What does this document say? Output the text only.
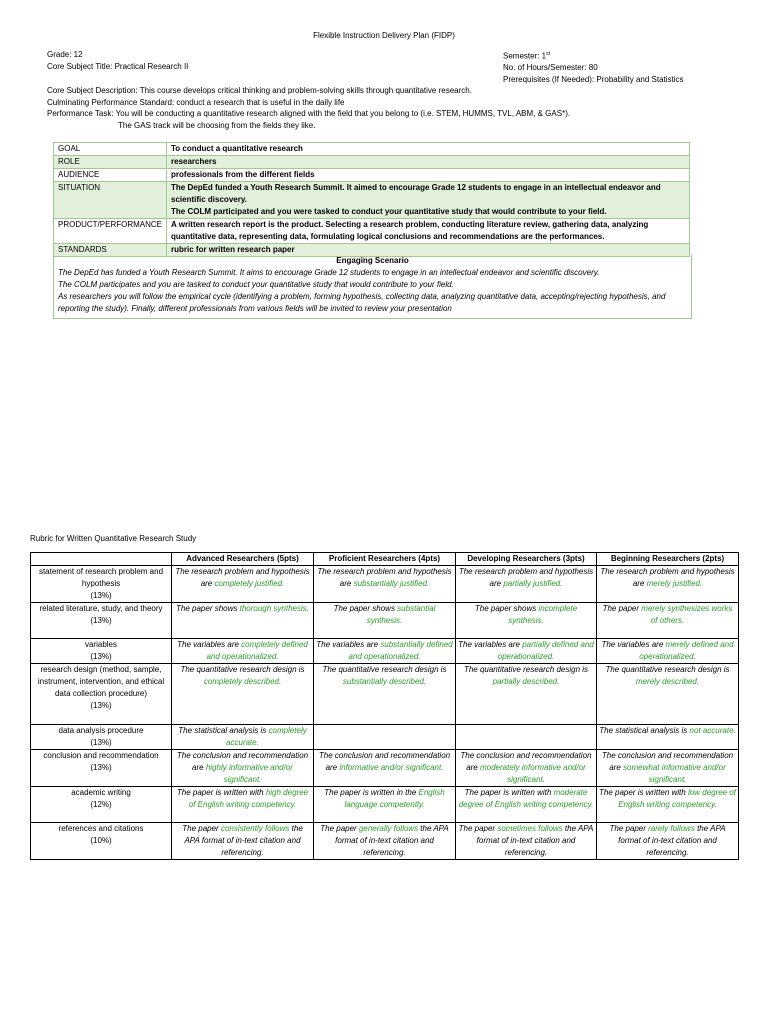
Flexible Instruction Delivery Plan (FIDP)
Grade: 12
Core Subject Title: Practical Research II
Semester: 1st
No. of Hours/Semester: 80
Prerequisites (If Needed): Probability and Statistics
Core Subject Description: This course develops critical thinking and problem-solving skills through quantitative research.
Culminating Performance Standard: conduct a research that is useful in the daily life
Performance Task: You will be conducting a quantitative research aligned with the field that you belong to (i.e. STEM, HUMMS, TVL, ABM, & GAS*).
The GAS track will be choosing from the fields they like.
GOAL	To conduct a quantitative research
ROLE	researchers
AUDIENCE	professionals from the different fields
SITUATION	The DepEd funded a Youth Research Summit. It aimed to encourage Grade 12 students to engage in an intellectual endeavor and scientific discovery.
The COLM participated and you were tasked to conduct your quantitative study that would contribute to your field.

PRODUCT/PERFORMANCE	A written research report is the product. Selecting a research problem, conducting literature review, gathering data, analyzing quantitative data, representing data, formulating logical conclusions and recommendations are the performances.
STANDARDS	rubric for written research paper
Engaging Scenario
The DepEd has funded a Youth Research Summit. It aims to encourage Grade 12 students to engage in an intellectual endeavor and scientific discovery.
The COLM participates and you are tasked to conduct your quantitative study that would contribute to your field.
As researchers you will follow the empirical cycle (identifying a problem, forming hypothesis, collecting data, analyzing quantitative data, accepting/rejecting hypothesis, and reporting the study). Finally, different professionals from various fields will be invited to review your presentation
Rubric for Written Quantitative Research Study
	Advanced Researchers (5pts)	Proficient Researchers (4pts)	Developing Researchers (3pts)	Beginning Researchers (2pts)

statement of research problem and hypothesis
(13%)	The research problem and hypothesis are completely justified.	The research problem and hypothesis are substantially justified.	The research problem and hypothesis are partially justified.	The research problem and hypothesis are merely justified.

related literature, study, and theory
(13%)	The paper shows thorough synthesis.	The paper shows substantial synthesis.	The paper shows incomplete synthesis.	The paper merely synthesizes works of others.

variables
(13%)	The variables are completely defined and operationalized.	The variables are substantially defined and operationalized.	The variables are partially defined and operationalized.	The variables are merely defined and operationalized.

research design (method, sample, instrument, intervention, and ethical data collection procedure)
(13%)	The quantitative research design is completely described.	The quantitative research design is substantially described.	The quantitative research design is partially described.	The quantitative research design is merely described.

data analysis procedure
(13%)	The statistical analysis is completely accurate.			The statistical analysis is not accurate.

conclusion and recommendation
(13%)	The conclusion and recommendation are highly informative and/or significant.	The conclusion and recommendation are informative and/or significant.	The conclusion and recommendation are moderately informative and/or significant.	The conclusion and recommendation are somewhat informative and/or significant.

academic writing
(12%)	The paper is written with high degree of English writing competency.	The paper is written in the English language competently.	The paper is written with moderate degree of English writing competency.	The paper is written with low degree of English writing competency.

references and citations
(10%)	The paper consistently follows the APA format of in-text citation and referencing.	The paper generally follows the APA format of in-text citation and referencing.	The paper sometimes follows the APA format of in-text citation and referencing.	The paper rarely follows the APA format of in-text citation and referencing.
